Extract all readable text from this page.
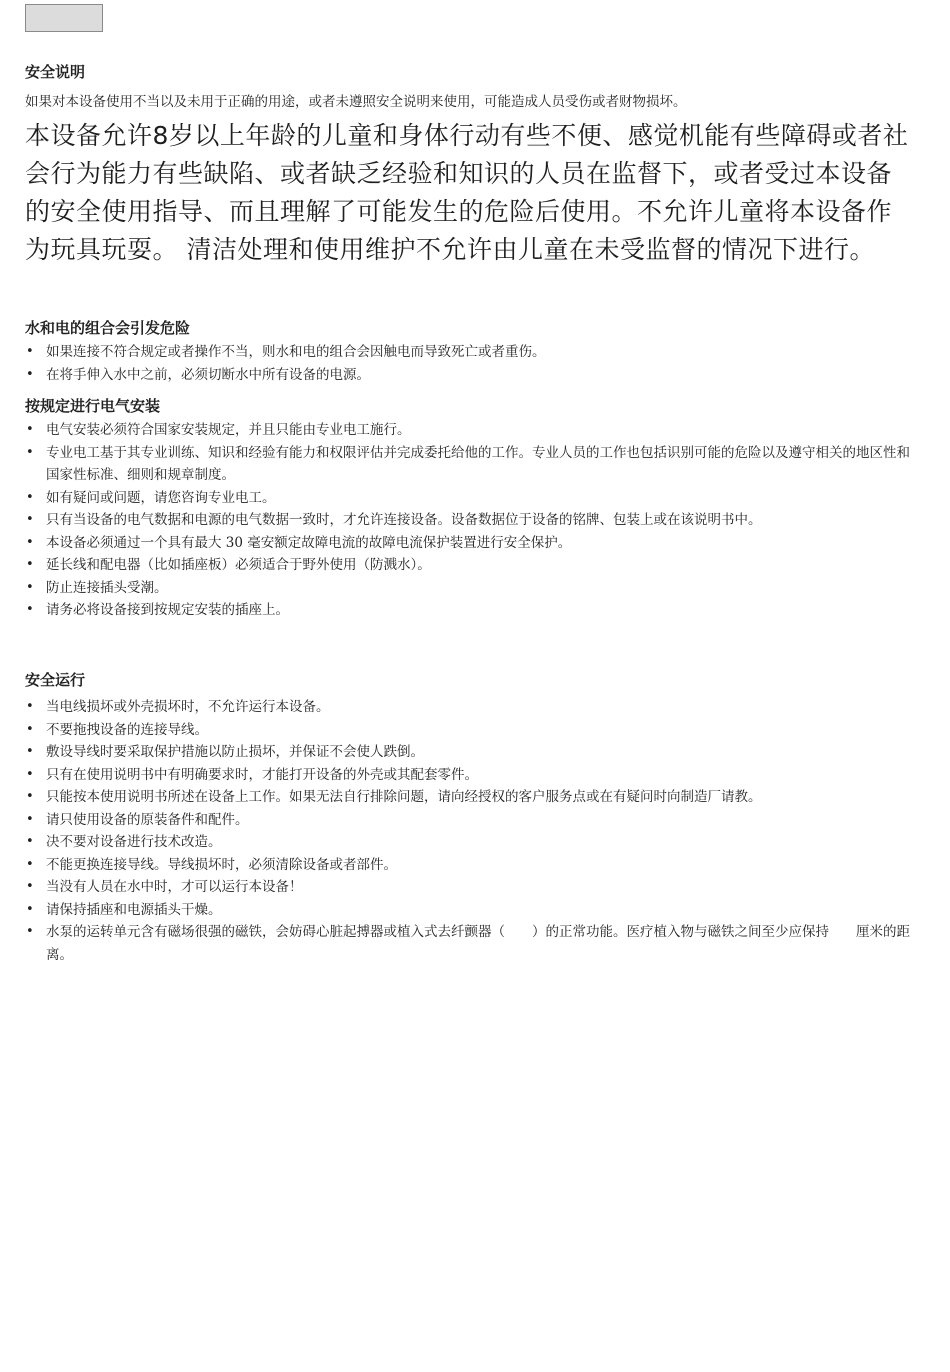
安全说明

如果对本设备使用不当以及未用于正确的用途，或者未遵照安全说明来使用，可能造成人员受伤或者财物损坏。

本设备允许8岁以上年龄的儿童和身体行动有些不便、感觉机能有些障碍或者社会行为能力有些缺陷、或者缺乏经验和知识的人员在监督下，或者受过本设备的安全使用指导、而且理解了可能发生的危险后使用。不允许儿童将本设备作为玩具玩耍。 清洁处理和使用维护不允许由儿童在未受监督的情况下进行。

水和电的组合会引发危险
• 如果连接不符合规定或者操作不当，则水和电的组合会因触电而导致死亡或者重伤。
• 在将手伸入水中之前，必须切断水中所有设备的电源。
按规定进行电气安装
• 电气安装必须符合国家安装规定，并且只能由专业电工施行。
• 专业电工基于其专业训练、知识和经验有能力和权限评估并完成委托给他的工作。专业人员的工作也包括识别可能的危险以及遵守相关的地区性和国家性标准、细则和规章制度。
• 如有疑问或问题，请您咨询专业电工。
• 只有当设备的电气数据和电源的电气数据一致时，才允许连接设备。设备数据位于设备的铭牌、包装上或在该说明书中。
• 本设备必须通过一个具有最大 30 毫安额定故障电流的故障电流保护装置进行安全保护。
• 延长线和配电器（比如插座板）必须适合于野外使用（防溅水）。
• 防止连接插头受潮。
• 请务必将设备接到按规定安装的插座上。
安全运行
• 当电线损坏或外壳损坏时，不允许运行本设备。
• 不要拖拽设备的连接导线。
• 敷设导线时要采取保护措施以防止损坏，并保证不会使人跌倒。
• 只有在使用说明书中有明确要求时，才能打开设备的外壳或其配套零件。
• 只能按本使用说明书所述在设备上工作。如果无法自行排除问题，请向经授权的客户服务点或在有疑问时向制造厂请教。
• 请只使用设备的原装备件和配件。
• 决不要对设备进行技术改造。
• 不能更换连接导线。导线损坏时，必须清除设备或者部件。
• 当没有人员在水中时，才可以运行本设备！
• 请保持插座和电源插头干燥。
• 水泵的运转单元含有磁场很强的磁铁，会妨碍心脏起搏器或植入式去纤颤器（　　）的正常功能。医疗植入物与磁铁之间至少应保持　　厘米的距离。
